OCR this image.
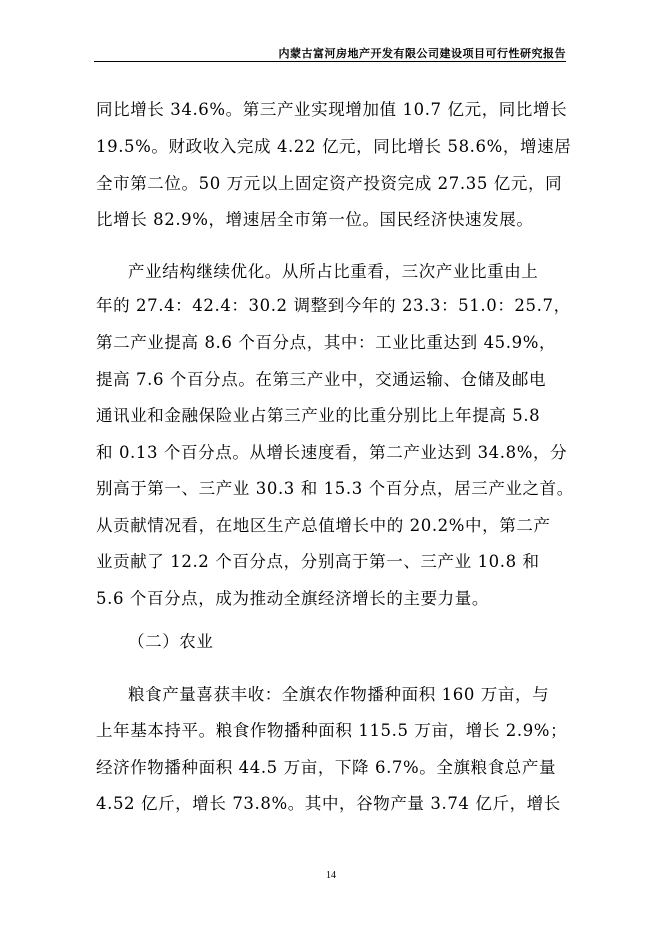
内蒙古富河房地产开发有限公司建设项目可行性研究报告
同比增长 34.6%。第三产业实现增加值 10.7 亿元，同比增长
19.5%。财政收入完成 4.22 亿元，同比增长 58.6%，增速居
全市第二位。50 万元以上固定资产投资完成 27.35 亿元，同
比增长 82.9%，增速居全市第一位。国民经济快速发展。
产业结构继续优化。从所占比重看，三次产业比重由上
年的 27.4：42.4：30.2 调整到今年的 23.3：51.0：25.7，
第二产业提高 8.6 个百分点，其中：工业比重达到 45.9%，
提高 7.6 个百分点。在第三产业中，交通运输、仓储及邮电
通讯业和金融保险业占第三产业的比重分别比上年提高 5.8
和 0.13 个百分点。从增长速度看，第二产业达到 34.8%，分
别高于第一、三产业 30.3 和 15.3 个百分点，居三产业之首。
从贡献情况看，在地区生产总值增长中的 20.2%中，第二产
业贡献了 12.2 个百分点，分别高于第一、三产业 10.8 和
5.6 个百分点，成为推动全旗经济增长的主要力量。
（二）农业
粮食产量喜获丰收：全旗农作物播种面积 160 万亩，与
上年基本持平。粮食作物播种面积 115.5 万亩，增长 2.9%；
经济作物播种面积 44.5 万亩，下降 6.7%。全旗粮食总产量
4.52 亿斤，增长 73.8%。其中，谷物产量 3.74 亿斤，增长
14
